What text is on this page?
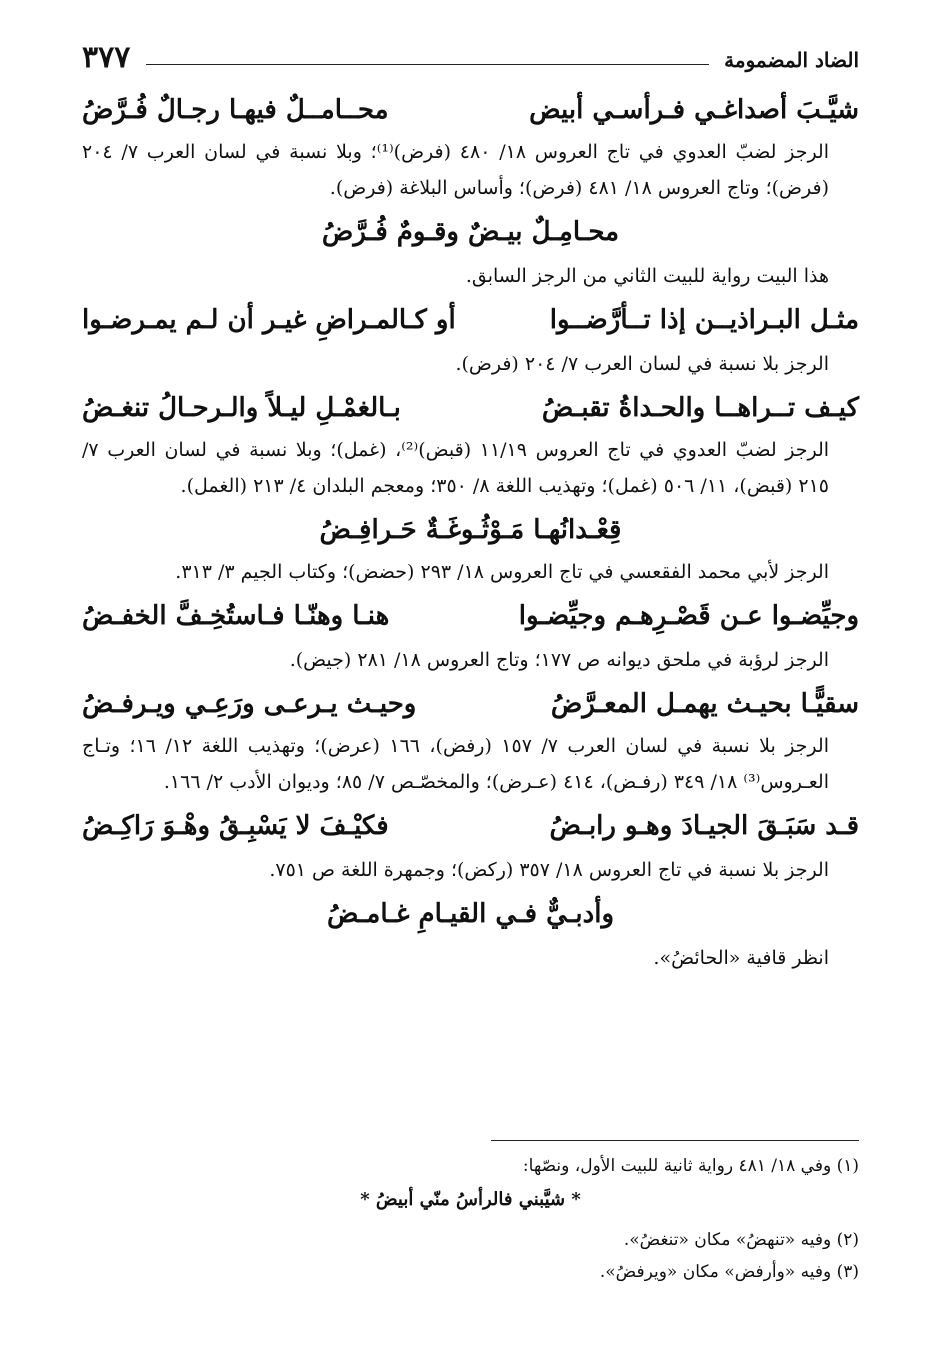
٣٧٧	الضاد المضمومة
شيَّـبَ أصداغـي فـرأسـي أبيض
محــامــلٌ فيهـا رجـالٌ فُـرَّضُ

الرجز لضبّ العدوي في تاج العروس ١٨/ ٤٨٠ (فرض)⁽¹⁾؛ وبلا نسبة في لسان العرب ٧/ ٢٠٤ (فرض)؛ وتاج العروس ١٨/ ٤٨١ (فرض)؛ وأساس البلاغة (فرض).

محـامِـلٌ بيـضٌ وقـومٌ فُـرَّضُ

هذا البيت رواية للبيت الثاني من الرجز السابق.

مثـل البـراذيــن إذا تــأرَّضــوا
أو كـالمـراضِ غيـر أن لـم يمـرضـوا

الرجز بلا نسبة في لسان العرب ٧/ ٢٠٤ (فرض).

كيـف تــراهــا والحـداةُ تقبـضُ
بـالغمْـلِ ليـلاً والـرحـالُ تنغـضُ

الرجز لضبّ العدوي في تاج العروس ١١/١٩ (قبض)⁽²⁾، (غمل)؛ وبلا نسبة في لسان العرب ٧/ ٢١٥ (قبض)، ١١/ ٥٠٦ (غمل)؛ وتهذيب اللغة ٨/ ٣٥٠؛ ومعجم البلدان ٤/ ٢١٣ (الغمل).

قِعْـدانُهـا مَـوْثُـوغَـةٌ حَـرافِـضُ

الرجز لأبي محمد الفقعسي في تاج العروس ١٨/ ٢٩٣ (حضض)؛ وكتاب الجيم ٣/ ٣١٣.

وجيِّضـوا عـن قَصْـرِهـم وجيِّضـوا
هنـا وهنّـا فـاستُخِـفَّ الخفـضُ

الرجز لرؤبة في ملحق ديوانه ص ١٧٧؛ وتاج العروس ١٨/ ٢٨١ (جيض).

سقيًّـا بحيـث يهمـل المعـرَّضُ
وحيـث يـرعـى ورَعِـي ويـرفـضُ

الرجز بلا نسبة في لسان العرب ٧/ ١٥٧ (رفض)، ١٦٦ (عرض)؛ وتهذيب اللغة ١٢/ ١٦؛ وتـاج العـروس⁽³⁾ ١٨/ ٣٤٩ (رفـض)، ٤١٤ (عـرض)؛ والمخصّـص ٧/ ٨٥؛ وديوان الأدب ٢/ ١٦٦.

قـد سَبَـقَ الجيـادَ وهـو رابـضُ
فكيْـفَ لا يَسْبِـقُ وهْـوَ رَاكِـضُ

الرجز بلا نسبة في تاج العروس ١٨/ ٣٥٧ (ركض)؛ وجمهرة اللغة ص ٧٥١.

وأدبـيٌّ فـي القيـامِ غـامـضُ

انظر قافية «الحائضُ».

(١) وفي ١٨/ ٤٨١ رواية ثانية للبيت الأول، ونصّها:

* شيَّبني فالرأسُ منّي أبيضُ *

(٢) وفيه «تنهضُ» مكان «تنغضُ».

(٣) وفيه «وأرفض» مكان «ويرفضُ».
